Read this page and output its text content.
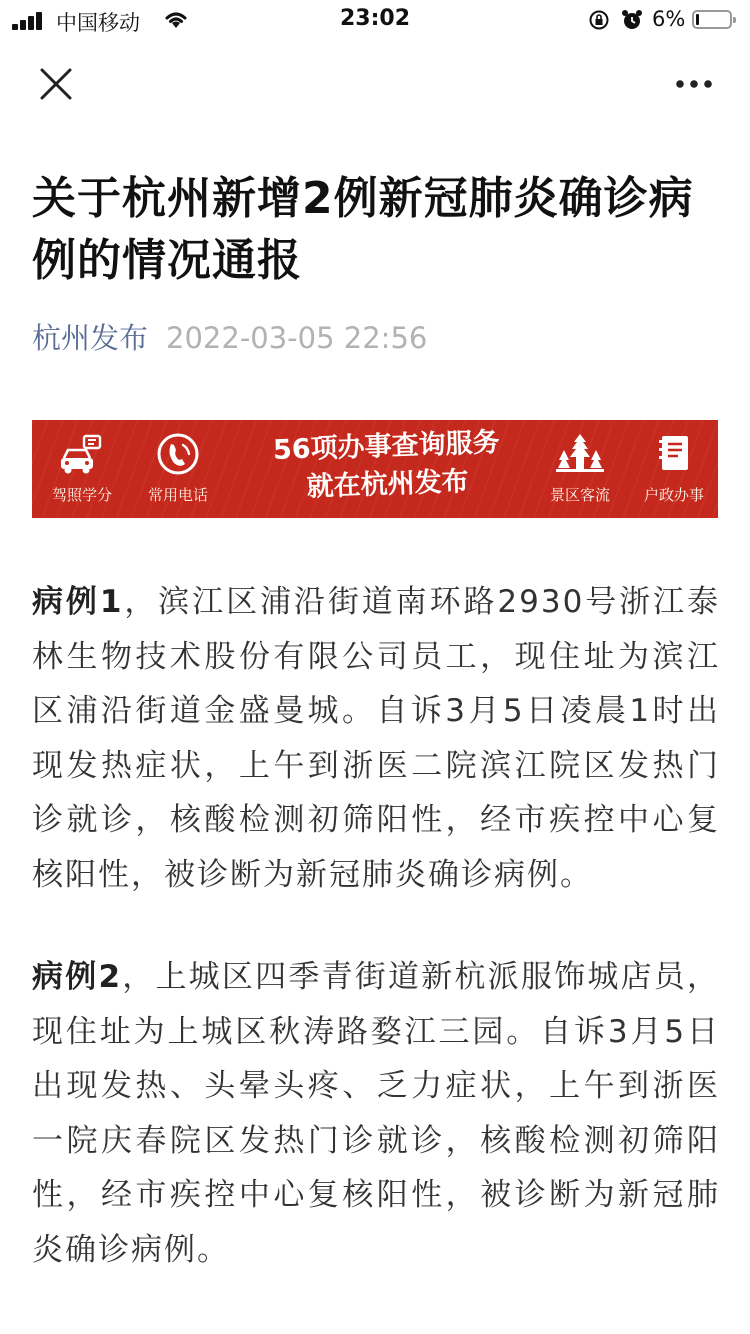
中国移动	23:02	6%
关于杭州新增2例新冠肺炎确诊病例的情况通报
杭州发布 2022-03-05 22:56
驾照学分	常用电话
56项办事查询服务
就在杭州发布	景区客流	户政办事

病例1，滨江区浦沿街道南环路2930号浙江泰林生物技术股份有限公司员工，现住址为滨江区浦沿街道金盛曼城。自诉3月5日凌晨1时出现发热症状，上午到浙医二院滨江院区发热门诊就诊，核酸检测初筛阳性，经市疾控中心复核阳性，被诊断为新冠肺炎确诊病例。

病例2，上城区四季青街道新杭派服饰城店员，现住址为上城区秋涛路婺江三园。自诉3月5日出现发热、头晕头疼、乏力症状，上午到浙医一院庆春院区发热门诊就诊，核酸检测初筛阳性，经市疾控中心复核阳性，被诊断为新冠肺炎确诊病例。
